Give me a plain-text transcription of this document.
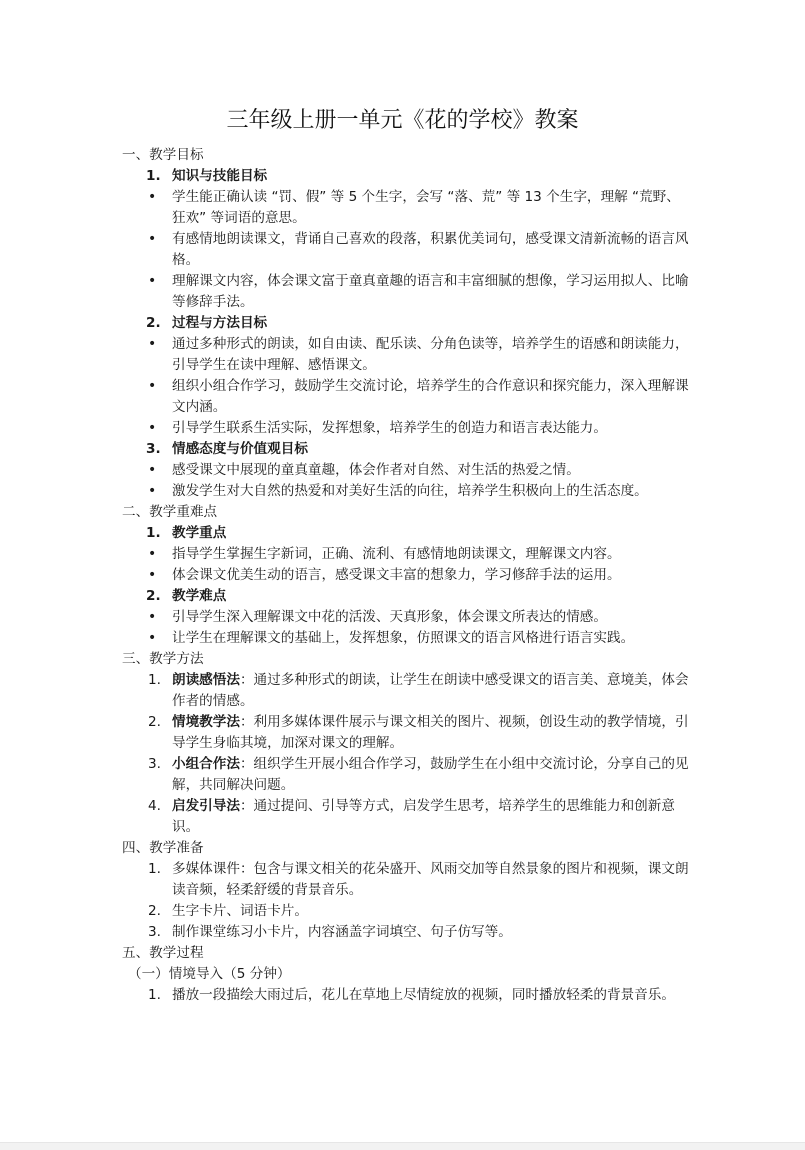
三年级上册一单元《花的学校》教案
一、教学目标
1. 知识与技能目标
•	学生能正确认读 “罚、假” 等 5 个生字，会写 “落、荒” 等 13 个生字，理解 “荒野、狂欢” 等词语的意思。
•	有感情地朗读课文，背诵自己喜欢的段落，积累优美词句，感受课文清新流畅的语言风格。
•	理解课文内容，体会课文富于童真童趣的语言和丰富细腻的想像，学习运用拟人、比喻等修辞手法。
2. 过程与方法目标
•	通过多种形式的朗读，如自由读、配乐读、分角色读等，培养学生的语感和朗读能力，引导学生在读中理解、感悟课文。
•	组织小组合作学习，鼓励学生交流讨论，培养学生的合作意识和探究能力，深入理解课文内涵。
•	引导学生联系生活实际，发挥想象，培养学生的创造力和语言表达能力。
3. 情感态度与价值观目标
•	感受课文中展现的童真童趣，体会作者对自然、对生活的热爱之情。
•	激发学生对大自然的热爱和对美好生活的向往，培养学生积极向上的生活态度。
二、教学重难点
1. 教学重点
•	指导学生掌握生字新词，正确、流利、有感情地朗读课文，理解课文内容。
•	体会课文优美生动的语言，感受课文丰富的想象力，学习修辞手法的运用。
2. 教学难点
•	引导学生深入理解课文中花的活泼、天真形象，体会课文所表达的情感。
•	让学生在理解课文的基础上，发挥想象，仿照课文的语言风格进行语言实践。
三、教学方法
1. 朗读感悟法：通过多种形式的朗读，让学生在朗读中感受课文的语言美、意境美，体会作者的情感。
2. 情境教学法：利用多媒体课件展示与课文相关的图片、视频，创设生动的教学情境，引导学生身临其境，加深对课文的理解。
3. 小组合作法：组织学生开展小组合作学习，鼓励学生在小组中交流讨论，分享自己的见解，共同解决问题。
4. 启发引导法：通过提问、引导等方式，启发学生思考，培养学生的思维能力和创新意识。
四、教学准备
1. 多媒体课件：包含与课文相关的花朵盛开、风雨交加等自然景象的图片和视频，课文朗读音频，轻柔舒缓的背景音乐。
2. 生字卡片、词语卡片。
3. 制作课堂练习小卡片，内容涵盖字词填空、句子仿写等。
五、教学过程
（一）情境导入（5 分钟）
1. 播放一段描绘大雨过后，花儿在草地上尽情绽放的视频，同时播放轻柔的背景音乐。
